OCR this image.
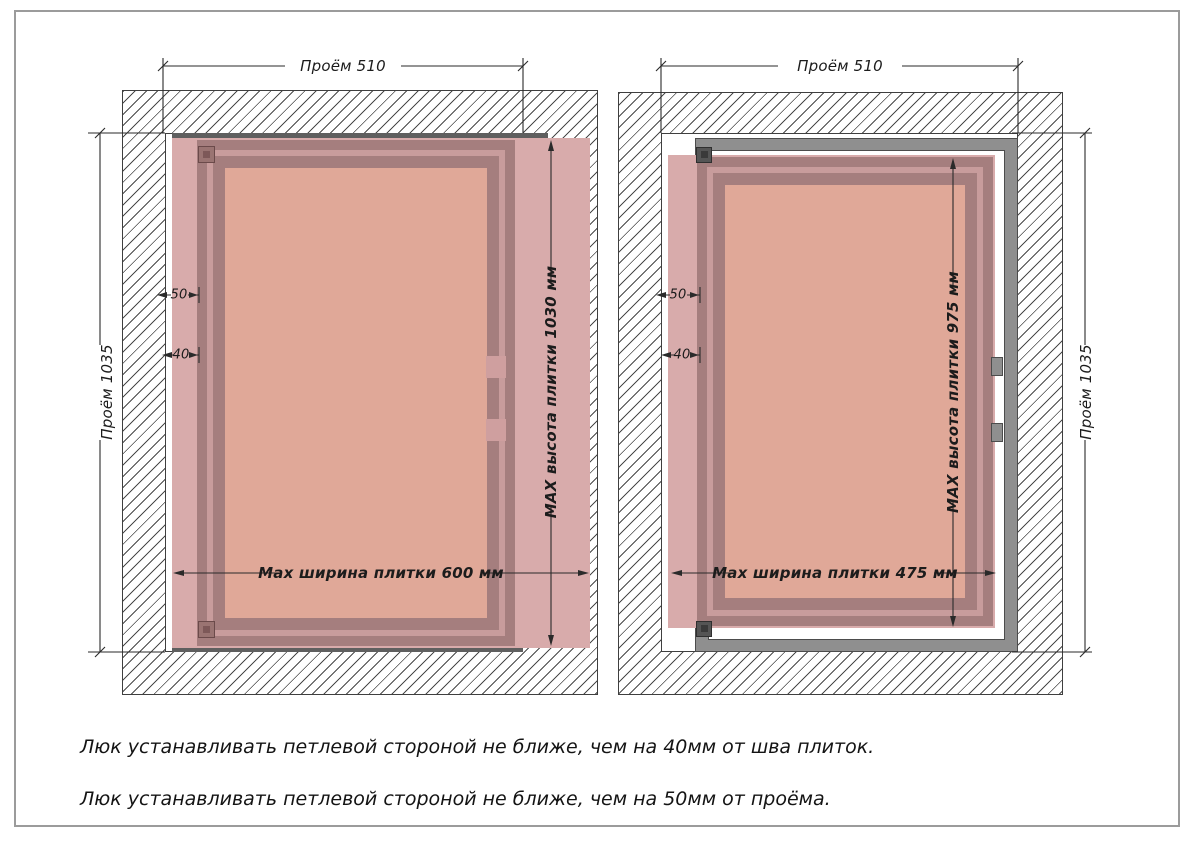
Проём 510
Проём 1035	MAX высота плитки 1030 мм
Max ширина плитки 600 мм
50
40
Проём 510
Проём 1035
MAX высота плитки 975 мм
Max ширина плитки 475 мм
50
40
Люк устанавливать петлевой стороной не ближе, чем на 40мм от шва плиток.
Люк устанавливать петлевой стороной не ближе, чем на 50мм от проёма.
